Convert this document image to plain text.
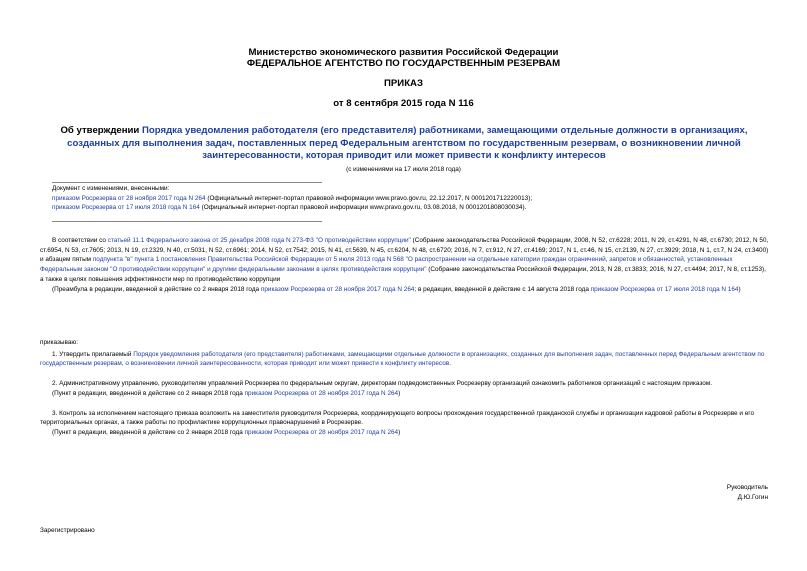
Министерство экономического развития Российской Федерации
ФЕДЕРАЛЬНОЕ АГЕНТСТВО ПО ГОСУДАРСТВЕННЫМ РЕЗЕРВАМ
ПРИКАЗ
от 8 сентября 2015 года N 116
Об утверждении Порядка уведомления работодателя (его представителя) работниками, замещающими отдельные должности в организациях, созданных для выполнения задач, поставленных перед Федеральным агентством по государственным резервам, о возникновении личной заинтересованности, которая приводит или может привести к конфликту интересов
(с изменениями на 17 июля 2018 года)
Документ с изменениями, внесенными:
приказом Росрезерва от 28 ноября 2017 года N 264 (Официальный интернет-портал правовой информации www.pravo.gov.ru, 22.12.2017, N 0001201712220013);
приказом Росрезерва от 17 июля 2018 года N 164 (Официальный интернет-портал правовой информации www.pravo.gov.ru, 03.08.2018, N 0001201808030034).

В соответствии со статьей 11.1 Федерального закона от 25 декабря 2008 года N 273-ФЗ "О противодействии коррупции" (Собрание законодательства Российской Федерации, 2008, N 52, ст.6228; 2011, N 29, ст.4291, N 48, ст.6730; 2012, N 50, ст.6954, N 53, ст.7605; 2013, N 19, ст.2329, N 40, ст.5031, N 52, ст.6961; 2014, N 52, ст.7542; 2015, N 41, ст.5639, N 45, ст.6204, N 48, ст.6720; 2016, N 7, ст.912, N 27, ст.4169; 2017, N 1, ст.46, N 15, ст.2139, N 27, ст.3929; 2018, N 1, ст.7, N 24, ст.3400) и абзацем пятым подпункта "в" пункта 1 постановления Правительства Российской Федерации от 5 июля 2013 года N 568 "О распространении на отдельные категории граждан ограничений, запретов и обязанностей, установленных Федеральным законом "О противодействии коррупции" и другими федеральными законами в целях противодействия коррупции" (Собрание законодательства Российской Федерации, 2013, N 28, ст.3833; 2016, N 27, ст.4494; 2017, N 8, ст.1253), а также в целях повышения эффективности мер по противодействию коррупции

(Преамбула в редакции, введенной в действие со 2 января 2018 года приказом Росрезерва от 28 ноября 2017 года N 264; в редакции, введенной в действие с 14 августа 2018 года приказом Росрезерва от 17 июля 2018 года N 164)

приказываю:

1. Утвердить прилагаемый Порядок уведомления работодателя (его представителя) работниками, замещающими отдельные должности в организациях, созданных для выполнения задач, поставленных перед Федеральным агентством по государственным резервам, о возникновении личной заинтересованности, которая приводит или может привести к конфликту интересов.

2. Административному управлению, руководителям управлений Росрезерва по федеральным округам, директорам подведомственных Росрезерву организаций ознакомить работников организаций с настоящим приказом.

(Пункт в редакции, введенной в действие со 2 января 2018 года приказом Росрезерва от 28 ноября 2017 года N 264)

3. Контроль за исполнением настоящего приказа возложить на заместителя руководителя Росрезерва, координирующего вопросы прохождения государственной гражданской службы и организации кадровой работы в Росрезерве и его территориальных органах, а также работы по профилактике коррупционных правонарушений в Росрезерве.

(Пункт в редакции, введенной в действие со 2 января 2018 года приказом Росрезерва от 28 ноября 2017 года N 264)

Руководитель
Д.Ю.Гогин
Зарегистрировано
